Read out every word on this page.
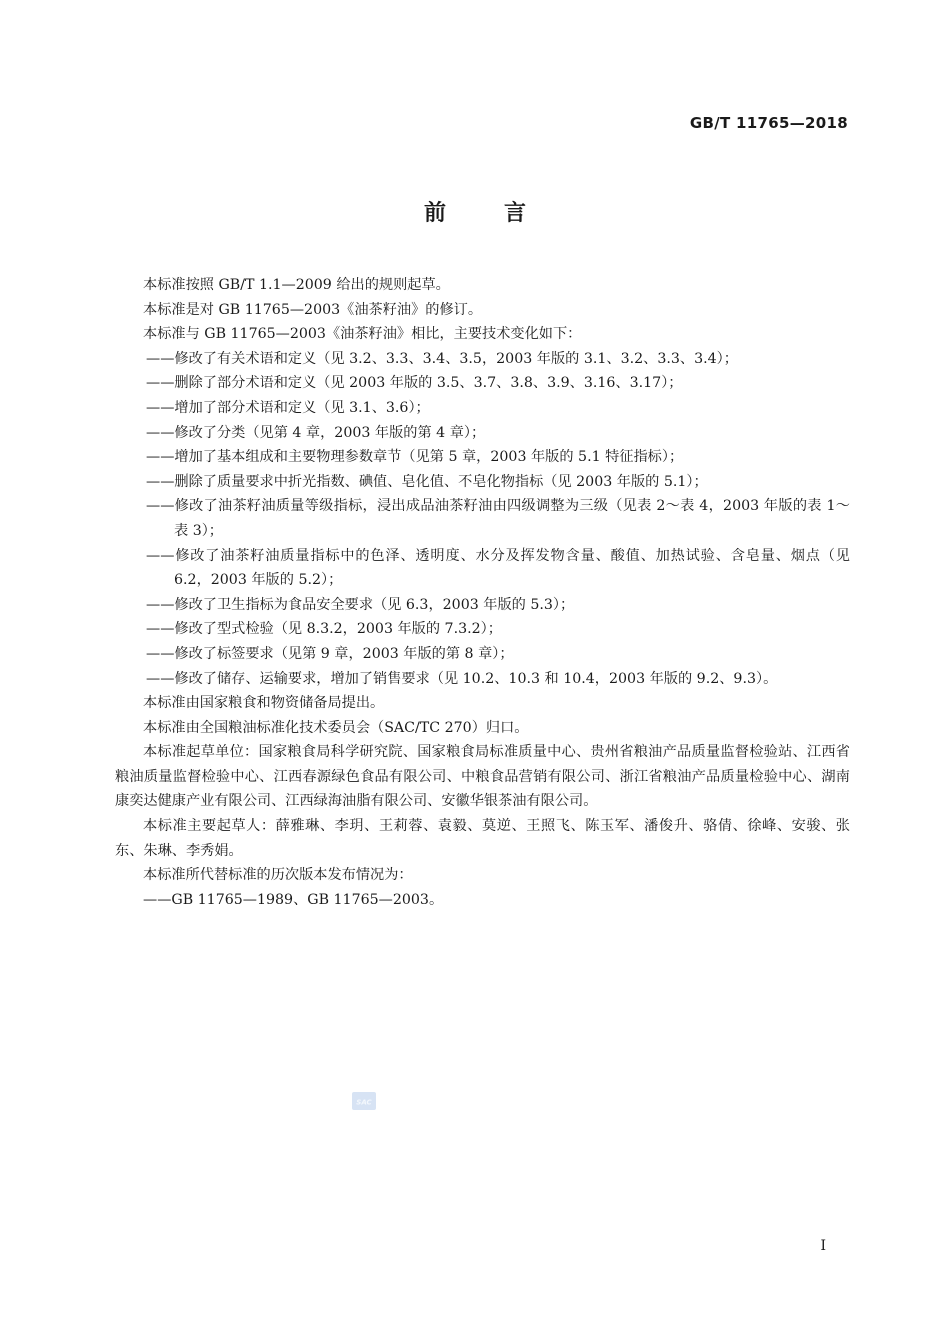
GB/T 11765—2018
前	言

本标准按照 GB/T 1.1—2009 给出的规则起草。

本标准是对 GB 11765—2003《油茶籽油》的修订。

本标准与 GB 11765—2003《油茶籽油》相比，主要技术变化如下：

——修改了有关术语和定义（见 3.2、3.3、3.4、3.5，2003 年版的 3.1、3.2、3.3、3.4）；

——删除了部分术语和定义（见 2003 年版的 3.5、3.7、3.8、3.9、3.16、3.17）；

——增加了部分术语和定义（见 3.1、3.6）；

——修改了分类（见第 4 章，2003 年版的第 4 章）；

——增加了基本组成和主要物理参数章节（见第 5 章，2003 年版的 5.1 特征指标）；

——删除了质量要求中折光指数、碘值、皂化值、不皂化物指标（见 2003 年版的 5.1）；

——修改了油茶籽油质量等级指标，浸出成品油茶籽油由四级调整为三级（见表 2～表 4，2003 年版的表 1～表 3）；

——修改了油茶籽油质量指标中的色泽、透明度、水分及挥发物含量、酸值、加热试验、含皂量、烟点（见 6.2，2003 年版的 5.2）；

——修改了卫生指标为食品安全要求（见 6.3，2003 年版的 5.3）；

——修改了型式检验（见 8.3.2，2003 年版的 7.3.2）；

——修改了标签要求（见第 9 章，2003 年版的第 8 章）；

——修改了储存、运输要求，增加了销售要求（见 10.2、10.3 和 10.4，2003 年版的 9.2、9.3）。

本标准由国家粮食和物资储备局提出。

本标准由全国粮油标准化技术委员会（SAC/TC 270）归口。

本标准起草单位：国家粮食局科学研究院、国家粮食局标准质量中心、贵州省粮油产品质量监督检验站、江西省粮油质量监督检验中心、江西春源绿色食品有限公司、中粮食品营销有限公司、浙江省粮油产品质量检验中心、湖南康奕达健康产业有限公司、江西绿海油脂有限公司、安徽华银茶油有限公司。

本标准主要起草人：薛雅琳、李玥、王莉蓉、袁毅、莫逆、王照飞、陈玉军、潘俊升、骆倩、徐峰、安骏、张东、朱琳、李秀娟。

本标准所代替标准的历次版本发布情况为：

——GB 11765—1989、GB 11765—2003。

SAC
I
